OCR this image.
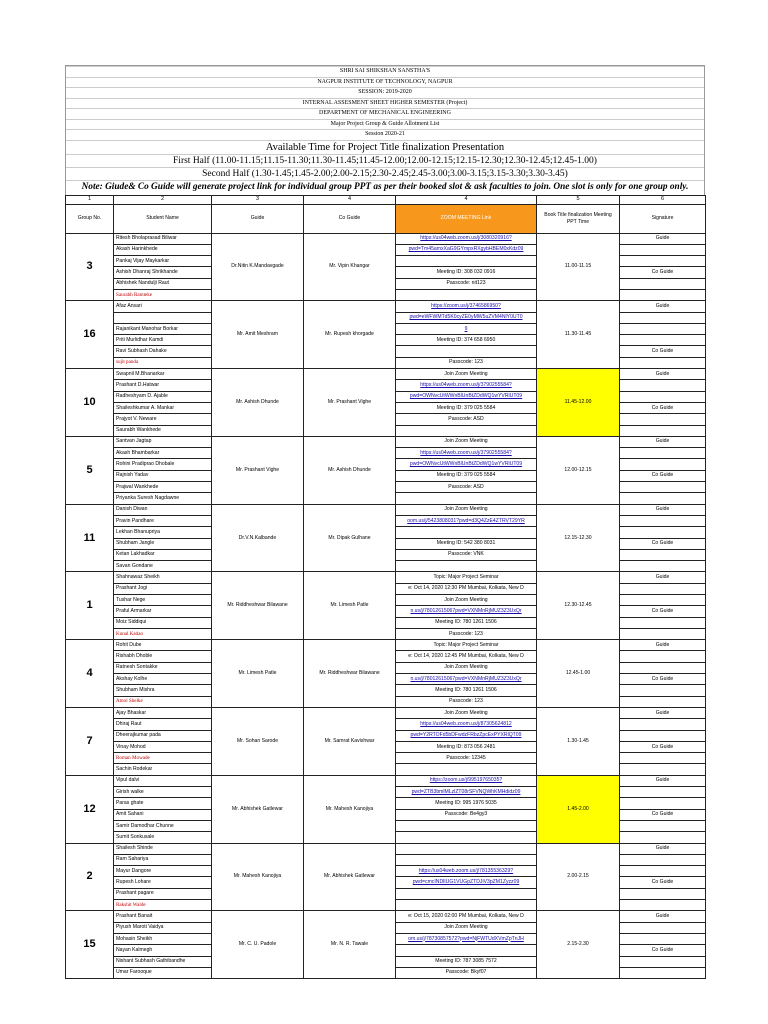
SHRI SAI SHIKSHAN SANSTHA'S
NAGPUR INSTITUTE OF TECHNOLOGY, NAGPUR
SESSION: 2019-2020
INTERNAL ASSESMENT SHEET HIGHER SEMESTER (Project)
DEPARTMENT OF MECHANICAL ENGINEERING
Major Project Group & Guide Allotment List
Session 2020-21
Available Time for Project Title finalization Presentation
First Half (11.00-11.15;11.15-11.30;11.30-11.45;11.45-12.00;12.00-12.15;12.15-12.30;12.30-12.45;12.45-1.00)
Second Half (1.30-1.45;1.45-2.00;2.00-2.15;2.30-2.45;2.45-3.00;3.00-3.15;3.15-3.30;3.30-3.45)
Note: Giude& Co Guide will generate project link for individual group PPT as per their booked slot & ask faculties to join. One slot is only for one group only.
1	2	3	4	4	5	6
Group No.	Student Name	Guide	Co Guide	ZOOM MEETING Link	Book Title finalization Meeting PPT Time	Signature
3	Ritesh Bholaprasad Biliwar	Dr.Nitin K.Mandavgade	Mr. Vipin Khangar	https://us04web.zoom.us/j/3080320916?	11.00-11.15	Guide
	Akash Harinkhede			pwd=Tm45amxXaG9GYmpxRXgybHBEM0xKdz09		
	Pankaj Vijay Maykarkar					
	Ashish Dhanraj Shrikhande			Meeting ID: 308 032 0916		Co Guide
	Abhishek Nandulji Raut			Passcode: nit123		
	Saurabh Ramteke					
16	Afaz Ansari	Mr. Amit Meshram	Mr. Rupesh khorgade	https://zoom.us/j/3746586950?	11.30-11.45	Guide
				pwd=eWFWMTd5K0cyZE0yMW5uZVM4NlY0UT0		
	Rajanikant Manohar Borkar			9		
	Priti Murlidhar Kamdi			Meeting ID: 374 658 6950		
	Ravi Subhash Dahake					Co Guide
	sujit panda			Passcode: 123		
10	Swapnil M.Bhanarkar	Mr. Ashish Dhunde	Mr. Prashant Vighe	Join Zoom Meeting	11.45-12.00	Guide
	Prashant D.Hatwar			https://us04web.zoom.us/j/3790255584?		
	Radheshyam D. Ajable			pwd=OWNvcUtWWnBlUnBtZDdWQ1wYVRlUT09		
	Shaileshkumar A. Mankar			Meeting ID: 379 025 5584		Co Guide
	Prajyot V. Neware			Passcode: ASD		
	Saurabh Wankhede					
5	Santvan Jagtap	Mr. Prashant Vighe	Mr. Ashish Dhunde	Join Zoom Meeting	12.00-12.15	Guide
	Akash Bhambarkar			https://us04web.zoom.us/j/3790255584?		
	Rohini Pradiprao Dhobale			pwd=OWNvcUtWWnBlUnBtZDdWQ1wYVRlUT09		
	Rajnish Yadav			Meeting ID: 379 025 5584		Co Guide
	Prajwal Wankhede			Passcode: ASD		
	Priyanka Suresh Nagdawne					
11	Danish Diwan	Dr.V.N.Kalbande	Mr. Dipak Gulhane	Join Zoom Meeting	12.15-12.30	Guide
	Pravin Pandhare			oom.us/j/5423808031?pwd=d3Q4ZzE4ZTRVT29YR		
	Lekhan Bhanupriya					
	Shubham Jangle			Meeting ID: 542 380 8031		Co Guide
	Ketan Lakhadkar			Passcode: VNK		
	Savan Gondane					
1	Shahnawaz Sheikh	Mr. Riddheshwar Bilawane	Mr. Limesh Patle	Topic: Major Project Seminar	12.30-12.45	Guide
	Prashant Jogi			e: Oct 14, 2020 12:30 PM Mumbai, Kolkata, New D		
	Tushar Nege			Join Zoom Meeting		
	Praful Armarkar			n.us/j/78012615067pwd=VXNMnRjMUZ3Z3UxQr		Co Guide
	Moiz Siddiqui			Meeting ID: 780 1261 1506		
	Kunal Kadao			Passcode: 123		
4	Rohit Dube	Mr. Limesh Patle	Mr. Riddheshwar Bilawane	Topic: Major Project Seminar	12.45-1.00	Guide
	Rishabh Dhoble			e: Oct 14, 2020 12:45 PM Mumbai, Kolkata, New D		
	Ratnesh Sontakke			Join Zoom Meeting		
	Akshay Kolhe			n.us/j/78012615067pwd=VXNMnRjMUZ3Z3UxQr		Co Guide
	Shubham Mishra			Meeting ID: 780 1261 1506		
	Amol Shelke			Passcode: 123		
7	Ajay Bhaskar	Mr. Sohan Sarode	Mr. Samrat Kavishwar	Join Zoom Meeting	1.30-1.45	Guide
	Dhiraj Raut			https://us04web.zoom.us/j/87305624812		
	Dheerajkumar pada			pwd=Y2RTOFd5bDFwdzFRbzZpcExPYXRlQT09		
	Vinay Mohod			Meeting ID: 873 056 2481		Co Guide
	Roman Mowade			Passcode: 12345		
	Sachin Rodekar					
12	Vipul dalvi	Mr. Abhishek Gatlewar	Mr. Mahesh Kanojiya	https://zoom.us/j/99519765035?	1.45-2.00	Guide
	Girish walke			pwd=ZTB3bmlMLzlZT08rSFVNQWhKMHdidz09		
	Paras ghate			Meeting ID: 995 1976 5035		
	Amit Sahani			Passcode: Be4gy3		Co Guide
	Samir Damodhar Chunne					
	Sumit Sonkusale					
2	Shailesh Shinde	Mr. Mahesh Kanojiya	Mr. Abhishek Gatlewar		2.00-2.15	Guide
	Ram Sahariya					
	Mayur Dangore			https://us04web.zoom.us/j/78135536329?		
	Rupesh Lohare			pwd=cmcINDlIUG1VUGpZTDJiV3pZM1Zyzz09		Co Guide
	Prashant pagare					
	Rakshit Walde					
15	Prashant Banait	Mr. C. U. Padole	Mr. N. R. Tawale	e: Oct 15, 2020 02:00 PM Mumbai, Kolkata, New D	2.15-2.30	Guide
	Piyush Maroti Vaidya			Join Zoom Meeting		
	Mohasin Sheikh			om.us/j/78730857572?pwd=NjFWTUdXVmZpTnJH		
	Nayan Kalmegh					Co Guide
	Nishant Subhash Gathibandhe			Meeting ID: 787 3085 7572		
	Umar Farooque			Passcode: Bkyf07		
